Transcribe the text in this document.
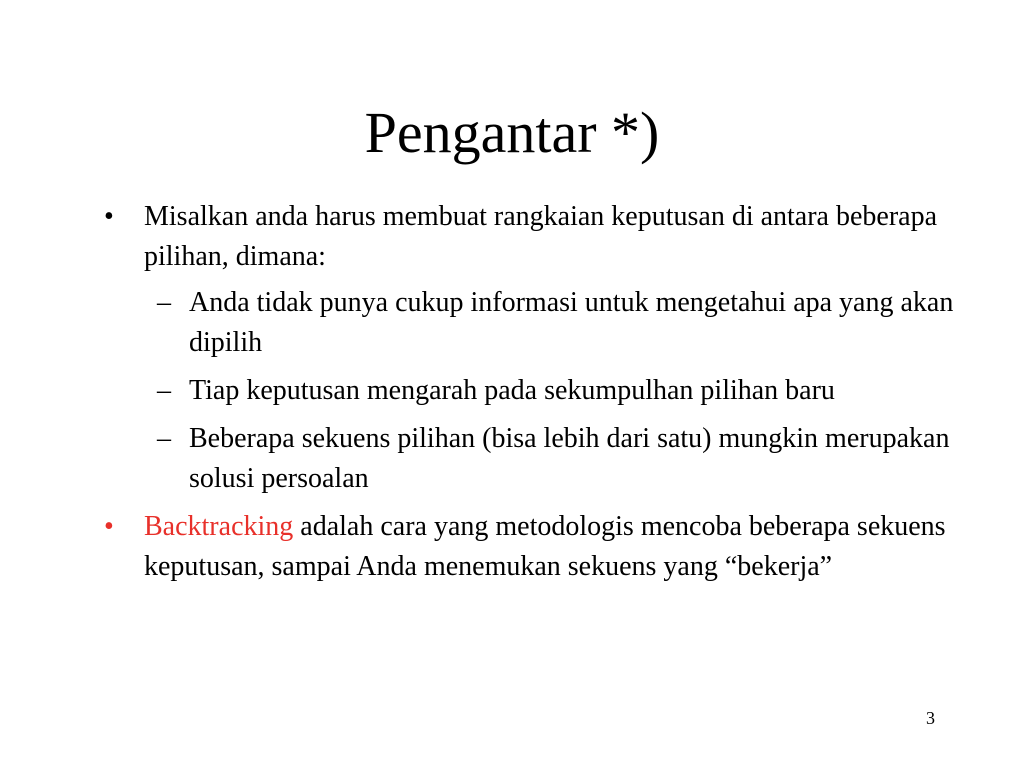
Pengantar *)
• Misalkan anda harus membuat rangkaian keputusan di antara beberapa pilihan, dimana:
– Anda tidak punya cukup informasi untuk mengetahui apa yang akan dipilih
– Tiap keputusan mengarah pada sekumpulhan pilihan baru
– Beberapa sekuens pilihan (bisa lebih dari satu) mungkin merupakan solusi persoalan
• Backtracking adalah cara yang metodologis mencoba beberapa sekuens keputusan, sampai Anda menemukan sekuens yang “bekerja”
3
